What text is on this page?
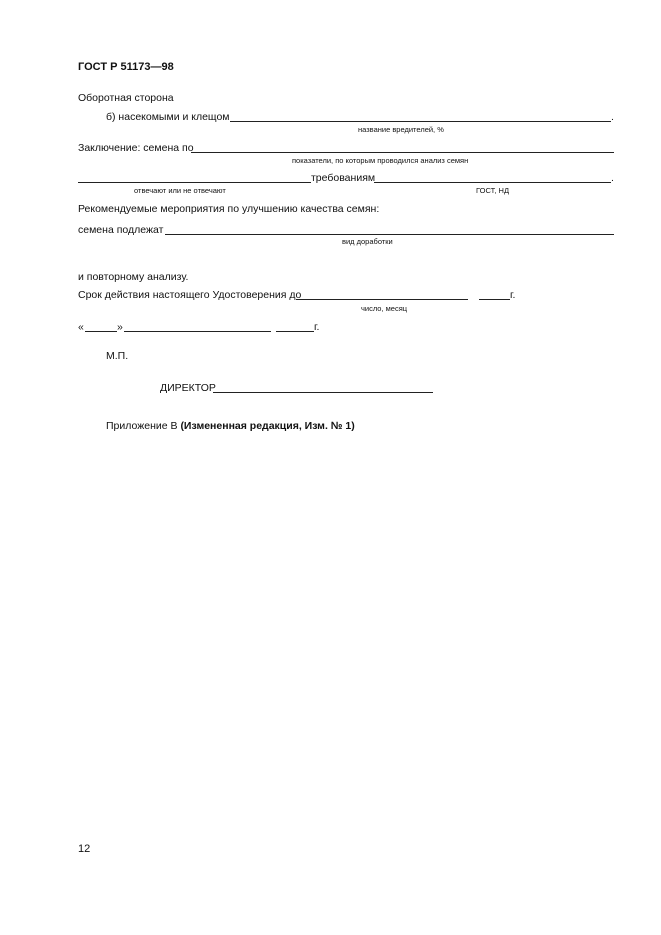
ГОСТ Р 51173—98
Оборотная сторона
б) насекомыми и клещом	.
название вредителей, %
Заключение: семена по
показатели, по которым проводился анализ семян
требованиям	.
отвечают или не отвечают	ГОСТ, НД
Рекомендуемые мероприятия по улучшению качества семян:
семена подлежат
вид доработки
и повторному анализу.
Срок действия настоящего Удостоверения до	г.
число, месяц
«	»	г.
М.П.
ДИРЕКТОР
Приложение В (Измененная редакция, Изм. № 1)
12
